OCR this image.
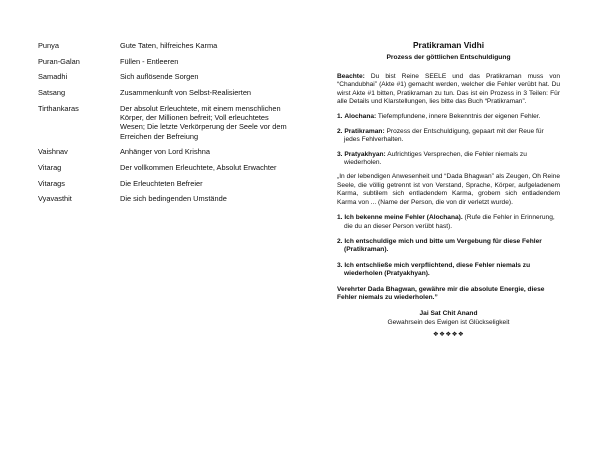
Punya	Gute Taten, hilfreiches Karma
Puran-Galan	Füllen - Entleeren
Samadhi	Sich auflösende Sorgen
Satsang	Zusammenkunft von Selbst-Realisierten
Tirthankaras	Der absolut Erleuchtete, mit einem menschlichen Körper, der Millionen befreit; Voll erleuchtetes Wesen; Die letzte Verkörperung der Seele vor dem Erreichen der Befreiung
Vaishnav	Anhänger von Lord Krishna
Vitarag	Der vollkommen Erleuchtete, Absolut Erwachter
Vitarags	Die Erleuchteten Befreier
Vyavasthit	Die sich bedingenden Umstände
Pratikraman Vidhi
Prozess der göttlichen Entschuldigung
Beachte: Du bist Reine SEELE und das Pratikraman muss von “Chandubhai” (Akte #1) gemacht werden, welcher die Fehler verübt hat. Du wirst Akte #1 bitten, Pratikraman zu tun. Das ist ein Prozess in 3 Teilen: Für alle Details und Klarstellungen, lies bitte das Buch “Pratikraman”.
1. Alochana: Tiefempfundene, innere Bekenntnis der eigenen Fehler.
2. Pratikraman: Prozess der Entschuldigung, gepaart mit der Reue für jedes Fehlverhalten.
3. Pratyakhyan: Aufrichtiges Versprechen, die Fehler niemals zu wiederholen.
„In der lebendigen Anwesenheit und “Dada Bhagwan” als Zeugen, Oh Reine Seele, die völlig getrennt ist von Verstand, Sprache, Körper, aufgeladenem Karma, subtilem sich entladendem Karma, grobem sich entladendem Karma von ... (Name der Person, die von dir verletzt wurde).
1. Ich bekenne meine Fehler (Alochana). (Rufe die Fehler in Erinnerung, die du an dieser Person verübt hast).
2. Ich entschuldige mich und bitte um Vergebung für diese Fehler (Pratikraman).
3. Ich entschließe mich verpflichtend, diese Fehler niemals zu wiederholen (Pratyakhyan).
Verehrter Dada Bhagwan, gewähre mir die absolute Energie, diese Fehler niemals zu wiederholen.”
Jai Sat Chit Anand
Gewahrsein des Ewigen ist Glückseligkeit
❖❖❖❖❖
